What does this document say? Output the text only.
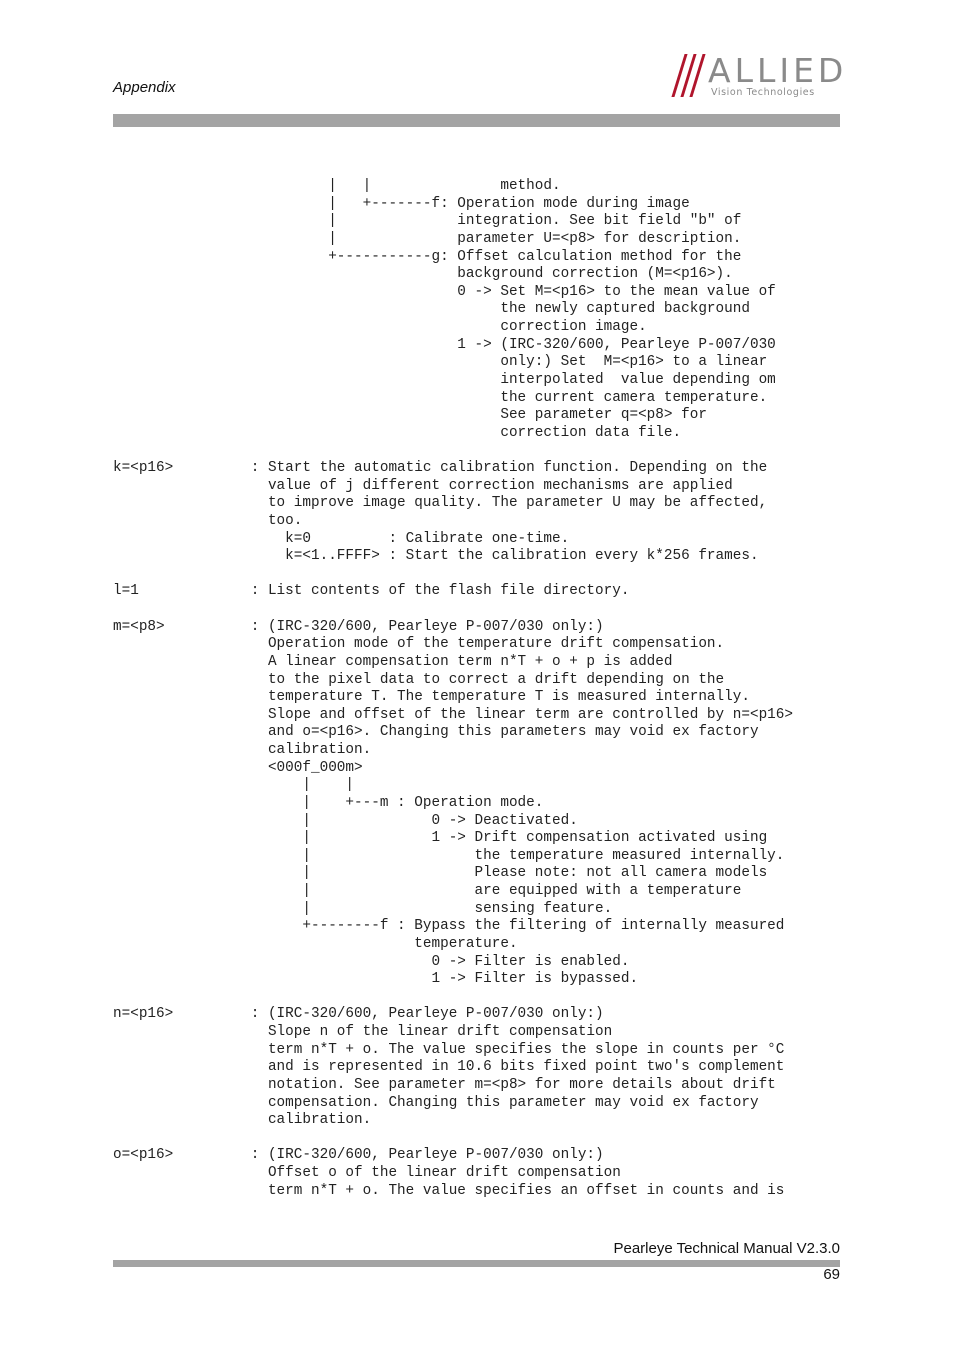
Appendix	ALLIED
Vision Technologies
|   |               method.
|   +-------f: Operation mode during image
|              integration. See bit field "b" of
|              parameter U=<p8> for description.
+-----------g: Offset calculation method for the
background correction (M=<p16>).
0 -> Set M=<p16> to the mean value of
the newly captured background
correction image.
1 -> (IRC-320/600, Pearleye P-007/030
only:) Set  M=<p16> to a linear
interpolated  value depending om
the current camera temperature.
See parameter q=<p8> for
correction data file.

k=<p16>         : Start the automatic calibration function. Depending on the
value of j different correction mechanisms are applied
to improve image quality. The parameter U may be affected,
too.
k=0         : Calibrate one-time.
k=<1..FFFF> : Start the calibration every k*256 frames.

l=1             : List contents of the flash file directory.

m=<p8>          : (IRC-320/600, Pearleye P-007/030 only:)
Operation mode of the temperature drift compensation.
A linear compensation term n*T + o + p is added
to the pixel data to correct a drift depending on the
temperature T. The temperature T is measured internally.
Slope and offset of the linear term are controlled by n=<p16>
and o=<p16>. Changing this parameters may void ex factory
calibration.
<000f_000m>
|    |
|    +---m : Operation mode.
|              0 -> Deactivated.
|              1 -> Drift compensation activated using
|                   the temperature measured internally.
|                   Please note: not all camera models
|                   are equipped with a temperature
|                   sensing feature.
+--------f : Bypass the filtering of internally measured
temperature.
0 -> Filter is enabled.
1 -> Filter is bypassed.

n=<p16>         : (IRC-320/600, Pearleye P-007/030 only:)
Slope n of the linear drift compensation
term n*T + o. The value specifies the slope in counts per °C
and is represented in 10.6 bits fixed point two's complement
notation. See parameter m=<p8> for more details about drift
compensation. Changing this parameter may void ex factory
calibration.

o=<p16>         : (IRC-320/600, Pearleye P-007/030 only:)
Offset o of the linear drift compensation
term n*T + o. The value specifies an offset in counts and is
Pearleye Technical Manual V2.3.0
69
